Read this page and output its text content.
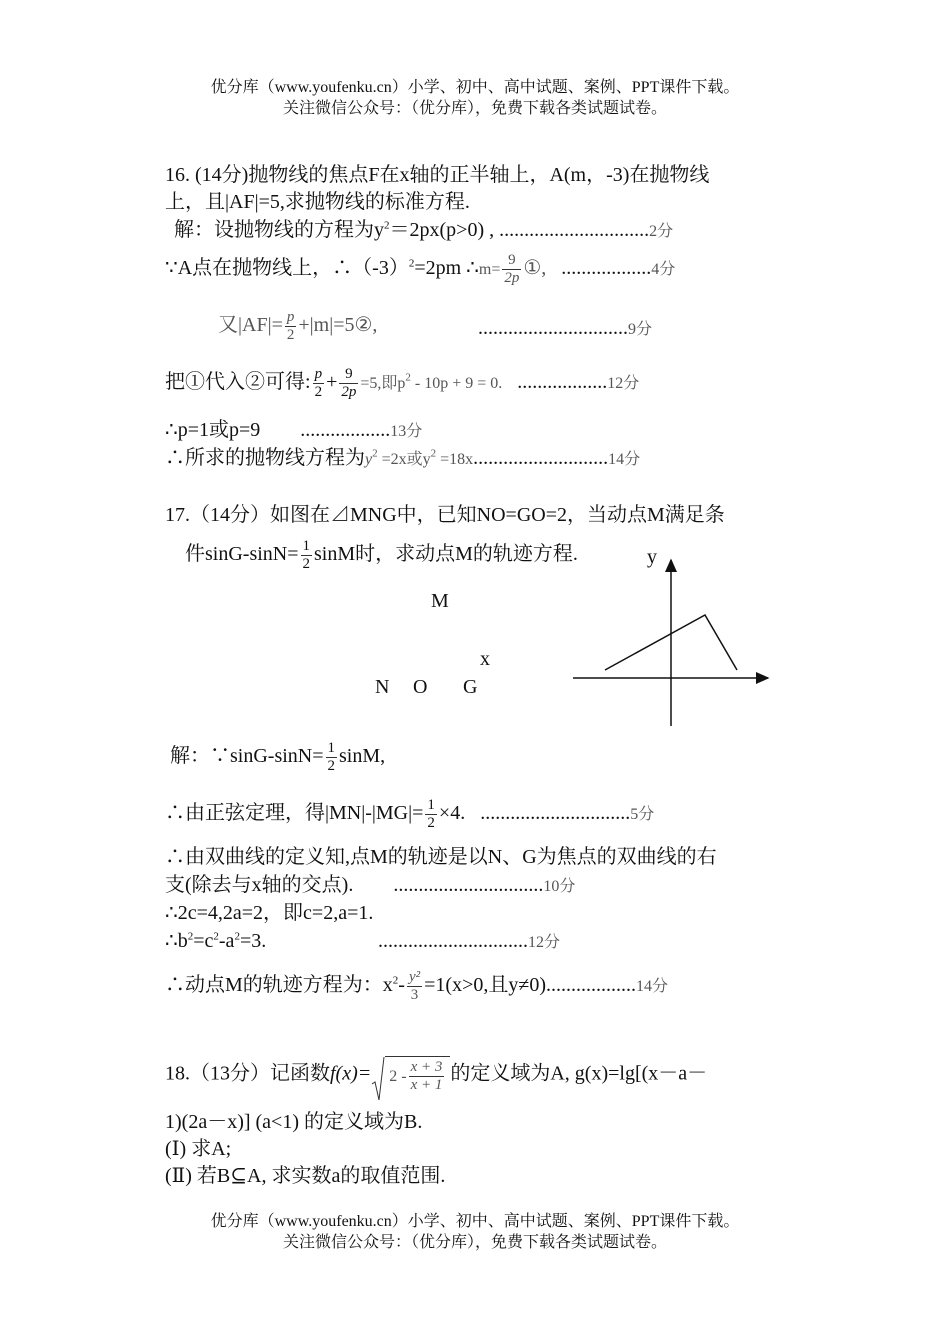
优分库（www.youfenku.cn）小学、初中、高中试题、案例、PPT课件下载。
关注微信公众号：（优分库），免费下载各类试题试卷。
16. (14分)抛物线的焦点F在x轴的正半轴上，A(m，-3)在抛物线
上，且|AF|=5,求抛物线的标准方程.
解：设抛物线的方程为$y^2=2px(p>0)$ , ..............................2分
∵A点在抛物线上，$\therefore(-3)^2=2pm$ ∴m= $\frac{9}{2p}$ ①, ..................4分
又$|AF|= \frac{p}{2}$ +|m|=5②,	..............................9分
把①代入②可得: $\frac{p}{2} + \frac{9}{2p} =5$,即$p^2 - 10p + 9 = 0$. ..................12分
∴p=1或p=9 ..................13分
∴所求的抛物线方程为$y^2 =2x$或$y^2 =18x...........................14$分
17.（14分）如图在⊿MNG中，已知NO=GO=2，当动点M满足条
件$\sin G-\sin N= \frac{1}{2}$ sinM时，求动点M的轨迹方程.	y
M
x
N O G
解：∵sinG-sinN= $\frac{1}{2} \sin M$,
∴由正弦定理，得$|MN|-|MG|= \frac{1}{2} \times 4$. ..............................5分
∴由双曲线的定义知,点M的轨迹是以N、G为焦点的双曲线的右
支(除去与x轴的交点). ..............................10分
∴2c=4,2a=2，即c=2,a=1.
$\therefore b^2=c^2-a^2=3$.	..............................12分
∴动点M的轨迹方程为：$x^2- \frac{\text{y²}}{3} =1(x>0$,且y≠0)..................14分
18.（13分）记函数$f(x)= 2 - \frac{x + 3}{x + 1}$ 的定义域为A, g(x)=lg[(x－a－
1)(2a－x)] (a<1) 的定义域为B.
(Ⅰ) 求A;
(Ⅱ) 若B⊆A, 求实数a的取值范围.
优分库（www.youfenku.cn）小学、初中、高中试题、案例、PPT课件下载。
关注微信公众号：（优分库），免费下载各类试题试卷。
